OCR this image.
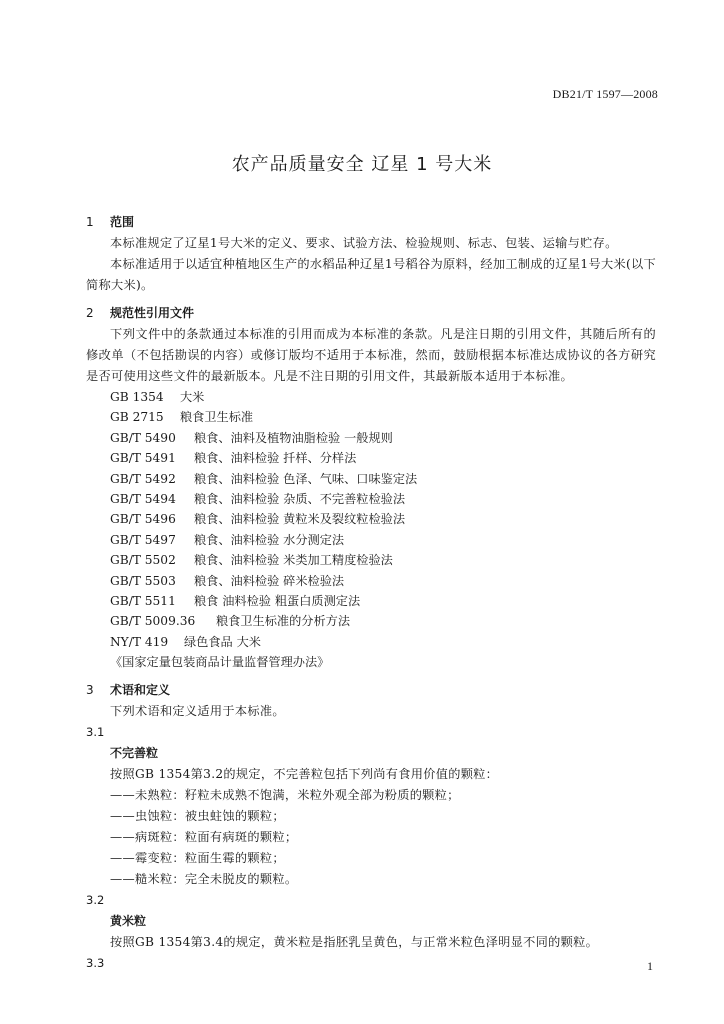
DB21/T 1597—2008
农产品质量安全 辽星 1 号大米
1 范围
本标准规定了辽星1号大米的定义、要求、试验方法、检验规则、标志、包装、运输与贮存。
本标准适用于以适宜种植地区生产的水稻品种辽星1号稻谷为原料，经加工制成的辽星1号大米(以下简称大米)。
2 规范性引用文件
下列文件中的条款通过本标准的引用而成为本标准的条款。凡是注日期的引用文件，其随后所有的修改单（不包括勘误的内容）或修订版均不适用于本标准，然而，鼓励根据本标准达成协议的各方研究是否可使用这些文件的最新版本。凡是不注日期的引用文件，其最新版本适用于本标准。
GB 1354 大米
GB 2715 粮食卫生标准
GB/T 5490 粮食、油料及植物油脂检验 一般规则
GB/T 5491 粮食、油料检验 扦样、分样法
GB/T 5492 粮食、油料检验 色泽、气味、口味鉴定法
GB/T 5494 粮食、油料检验 杂质、不完善粒检验法
GB/T 5496 粮食、油料检验 黄粒米及裂纹粒检验法
GB/T 5497 粮食、油料检验 水分测定法
GB/T 5502 粮食、油料检验 米类加工精度检验法
GB/T 5503 粮食、油料检验 碎米检验法
GB/T 5511 粮食 油料检验 粗蛋白质测定法
GB/T 5009.36 粮食卫生标准的分析方法
NY/T 419 绿色食品 大米
《国家定量包装商品计量监督管理办法》
3 术语和定义
下列术语和定义适用于本标准。
3.1
不完善粒
按照GB 1354第3.2的规定，不完善粒包括下列尚有食用价值的颗粒：
——未熟粒：籽粒未成熟不饱满，米粒外观全部为粉质的颗粒；
——虫蚀粒：被虫蛀蚀的颗粒；
——病斑粒：粒面有病斑的颗粒；
——霉变粒：粒面生霉的颗粒；
——糙米粒：完全未脱皮的颗粒。
3.2
黄米粒
按照GB 1354第3.4的规定，黄米粒是指胚乳呈黄色，与正常米粒色泽明显不同的颗粒。
3.3	1
